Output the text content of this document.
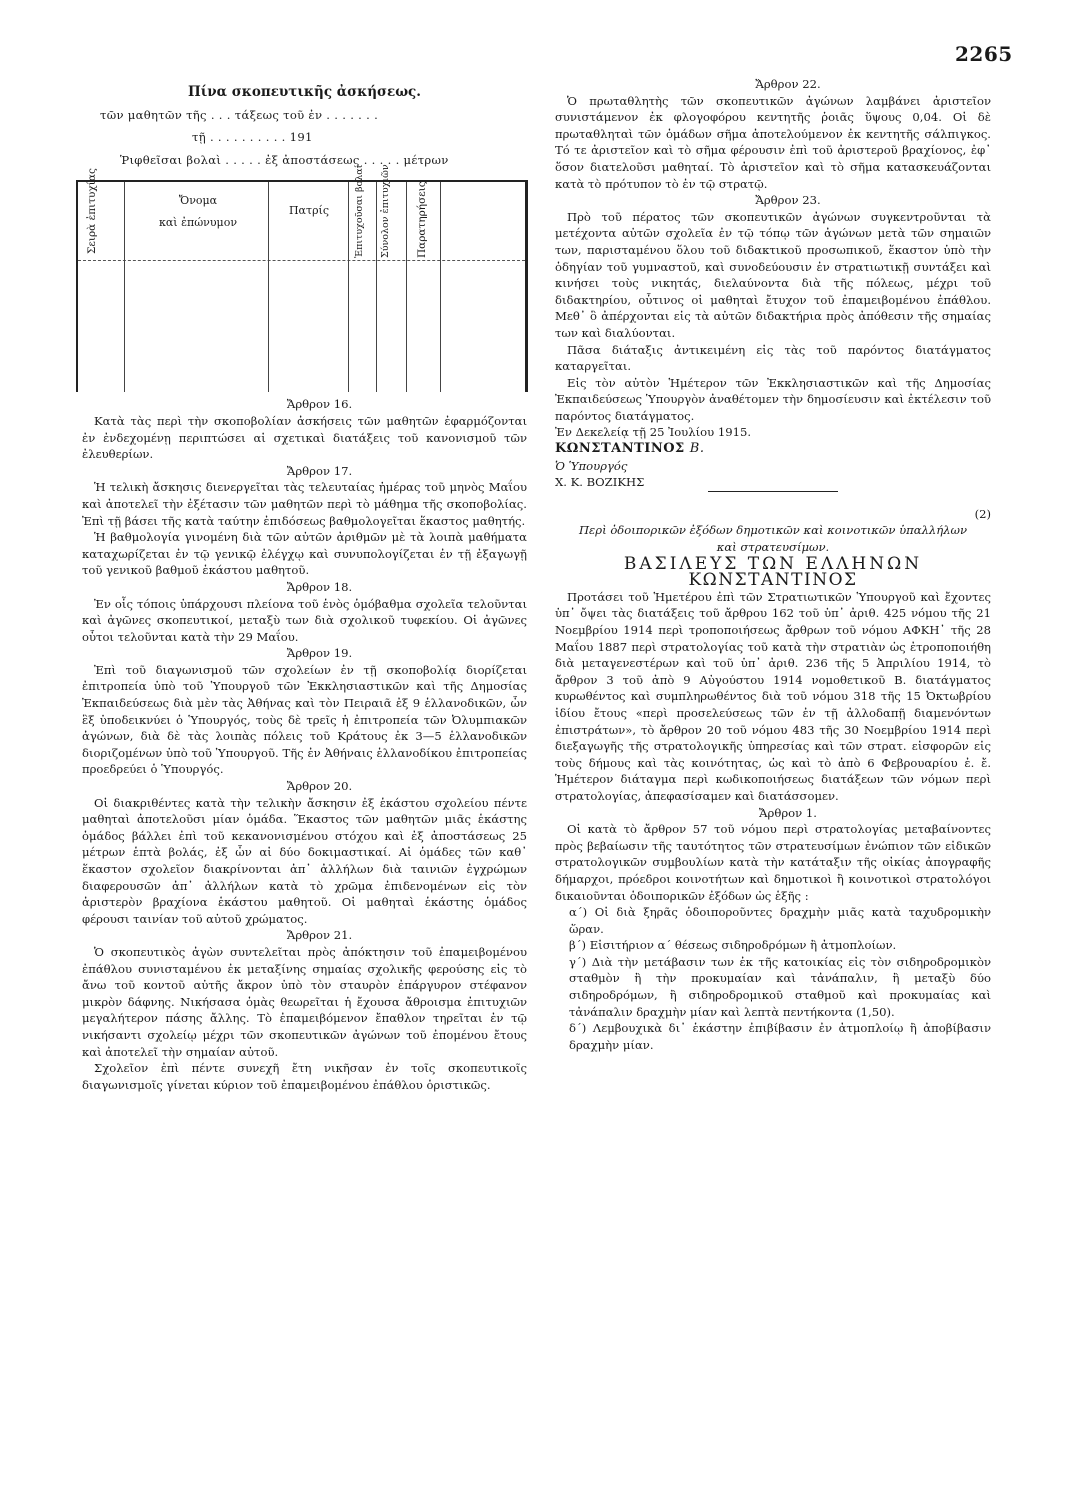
2265
Πίνα σκοπευτικῆς ἀσκήσεως.
τῶν μαθητῶν τῆς . . . τάξεως τοῦ ἐν . . . . . . .
τῇ . . . . . . . . . . 191
Ῥιφθεῖσαι βολαὶ . . . . . ἐξ ἀποστάσεως . . . . . μέτρων
Σειρὰ ἐπιτυχίας	Ὄνομα
καὶ ἐπώνυμον
Πατρίς	Ἐπιτυχοῦσαι βολαί Σύνολον ἐπιτυχιῶν Παρατηρήσεις

Ἄρθρον 16.

Κατὰ τὰς περὶ τὴν σκοποβολίαν ἀσκήσεις τῶν μαθητῶν ἐφαρμόζονται ἐν ἐνδεχομένῃ περιπτώσει αἱ σχετικαὶ διατάξεις τοῦ κανονισμοῦ τῶν ἐλευθερίων.

Ἄρθρον 17.

Ἡ τελικὴ ἄσκησις διενεργεῖται τὰς τελευταίας ἡμέρας τοῦ μηνὸς Μαΐου καὶ ἀποτελεῖ τὴν ἐξέτασιν τῶν μαθητῶν περὶ τὸ μάθημα τῆς σκοποβολίας. Ἐπὶ τῇ βάσει τῆς κατὰ ταύτην ἐπιδόσεως βαθμολογεῖται ἕκαστος μαθητής.

Ἡ βαθμολογία γινομένη διὰ τῶν αὐτῶν ἀριθμῶν μὲ τὰ λοιπὰ μαθήματα καταχωρίζεται ἐν τῷ γενικῷ ἐλέγχῳ καὶ συνυπολογίζεται ἐν τῇ ἐξαγωγῇ τοῦ γενικοῦ βαθμοῦ ἑκάστου μαθητοῦ.

Ἄρθρον 18.

Ἐν οἷς τόποις ὑπάρχουσι πλείονα τοῦ ἑνὸς ὁμόβαθμα σχολεῖα τελοῦνται καὶ ἀγῶνες σκοπευτικοί, μεταξὺ των διὰ σχολικοῦ τυφεκίου. Οἱ ἀγῶνες οὗτοι τελοῦνται κατὰ τὴν 29 Μαΐου.

Ἄρθρον 19.

Ἐπὶ τοῦ διαγωνισμοῦ τῶν σχολείων ἐν τῇ σκοποβολίᾳ διορίζεται ἐπιτροπεία ὑπὸ τοῦ Ὑπουργοῦ τῶν Ἐκκλησιαστικῶν καὶ τῆς Δημοσίας Ἐκπαιδεύσεως διὰ μὲν τὰς Ἀθήνας καὶ τὸν Πειραιᾶ ἐξ 9 ἑλλανοδικῶν, ὧν ἓξ ὑποδεικνύει ὁ Ὑπουργός, τοὺς δὲ τρεῖς ἡ ἐπιτροπεία τῶν Ὀλυμπιακῶν ἀγώνων, διὰ δὲ τὰς λοιπὰς πόλεις τοῦ Κράτους ἐκ 3—5 ἑλλανοδικῶν διοριζομένων ὑπὸ τοῦ Ὑπουργοῦ. Τῆς ἐν Ἀθήναις ἑλλανοδίκου ἐπιτροπείας προεδρεύει ὁ Ὑπουργός.

Ἄρθρον 20.

Οἱ διακριθέντες κατὰ τὴν τελικὴν ἄσκησιν ἐξ ἑκάστου σχολείου πέντε μαθηταὶ ἀποτελοῦσι μίαν ὁμάδα. Ἕκαστος τῶν μαθητῶν μιᾶς ἑκάστης ὁμάδος βάλλει ἐπὶ τοῦ κεκανονισμένου στόχου καὶ ἐξ ἀποστάσεως 25 μέτρων ἑπτὰ βολάς, ἐξ ὧν αἱ δύο δοκιμαστικαί. Αἱ ὁμάδες τῶν καθ᾽ ἕκαστον σχολεῖον διακρίνονται ἀπ᾽ ἀλλήλων διὰ ταινιῶν ἐγχρώμων διαφερουσῶν ἀπ᾽ ἀλλήλων κατὰ τὸ χρῶμα ἐπιδενομένων εἰς τὸν ἀριστερὸν βραχίονα ἑκάστου μαθητοῦ. Οἱ μαθηταὶ ἑκάστης ὁμάδος φέρουσι ταινίαν τοῦ αὐτοῦ χρώματος.

Ἄρθρον 21.

Ὁ σκοπευτικὸς ἀγὼν συντελεῖται πρὸς ἀπόκτησιν τοῦ ἐπαμειβομένου ἐπάθλου συνισταμένου ἐκ μεταξίνης σημαίας σχολικῆς φερούσης εἰς τὸ ἄνω τοῦ κοντοῦ αὐτῆς ἄκρον ὑπὸ τὸν σταυρὸν ἐπάργυρον στέφανον μικρὸν δάφνης. Νικήσασα ὁμὰς θεωρεῖται ἡ ἔχουσα ἄθροισμα ἐπιτυχιῶν μεγαλήτερον πάσης ἄλλης. Τὸ ἐπαμειβόμενον ἔπαθλον τηρεῖται ἐν τῷ νικήσαντι σχολείῳ μέχρι τῶν σκοπευτικῶν ἀγώνων τοῦ ἐπομένου ἔτους καὶ ἀποτελεῖ τὴν σημαίαν αὐτοῦ.

Σχολεῖον ἐπὶ πέντε συνεχῆ ἔτη νικῆσαν ἐν τοῖς σκοπευτικοῖς διαγωνισμοῖς γίνεται κύριον τοῦ ἐπαμειβομένου ἐπάθλου ὁριστικῶς.

Ἄρθρον 22.

Ὁ πρωταθλητὴς τῶν σκοπευτικῶν ἀγώνων λαμβάνει ἀριστεῖον συνιστάμενον ἐκ φλογοφόρου κεντητῆς ῥοιᾶς ὕψους 0,04. Οἱ δὲ πρωταθληταὶ τῶν ὁμάδων σῆμα ἀποτελούμενον ἐκ κεντητῆς σάλπιγκος. Τό τε ἀριστεῖον καὶ τὸ σῆμα φέρουσιν ἐπὶ τοῦ ἀριστεροῦ βραχίονος, ἐφ᾽ ὅσον διατελοῦσι μαθηταί. Τὸ ἀριστεῖον καὶ τὸ σῆμα κατασκευάζονται κατὰ τὸ πρότυπον τὸ ἐν τῷ στρατῷ.

Ἄρθρον 23.

Πρὸ τοῦ πέρατος τῶν σκοπευτικῶν ἀγώνων συγκεντροῦνται τὰ μετέχοντα αὐτῶν σχολεῖα ἐν τῷ τόπῳ τῶν ἀγώνων μετὰ τῶν σημαιῶν των, παρισταμένου ὅλου τοῦ διδακτικοῦ προσωπικοῦ, ἕκαστον ὑπὸ τὴν ὁδηγίαν τοῦ γυμναστοῦ, καὶ συνοδεύουσιν ἐν στρατιωτικῇ συντάξει καὶ κινήσει τοὺς νικητάς, διελαύνοντα διὰ τῆς πόλεως, μέχρι τοῦ διδακτηρίου, οὗτινος οἱ μαθηταὶ ἔτυχον τοῦ ἐπαμειβομένου ἐπάθλου. Μεθ᾽ ὃ ἀπέρχονται εἰς τὰ αὐτῶν διδακτήρια πρὸς ἀπόθεσιν τῆς σημαίας των καὶ διαλύονται.

Πᾶσα διάταξις ἀντικειμένη εἰς τὰς τοῦ παρόντος διατάγματος καταργεῖται.

Εἰς τὸν αὐτὸν Ἡμέτερον τῶν Ἐκκλησιαστικῶν καὶ τῆς Δημοσίας Ἐκπαιδεύσεως Ὑπουργὸν ἀναθέτομεν τὴν δημοσίευσιν καὶ ἐκτέλεσιν τοῦ παρόντος διατάγματος.

Ἐν Δεκελείᾳ τῇ 25 Ἰουλίου 1915.

ΚΩΝΣΤΑΝΤΙΝΟΣ Β.

Ὁ Ὑπουργός

Χ. Κ. ΒΟΖΙΚΗΣ

(2)

Περὶ ὁδοιπορικῶν ἐξόδων δημοτικῶν καὶ κοινοτικῶν ὑπαλλήλων καὶ στρατευσίμων.

ΒΑΣΙΛΕΥΣ ΤΩΝ ΕΛΛΗΝΩΝ

ΚΩΝΣΤΑΝΤΙΝΟΣ

Προτάσει τοῦ Ἡμετέρου ἐπὶ τῶν Στρατιωτικῶν Ὑπουργοῦ καὶ ἔχοντες ὑπ᾽ ὄψει τὰς διατάξεις τοῦ ἄρθρου 162 τοῦ ὑπ᾽ ἀριθ. 425 νόμου τῆς 21 Νοεμβρίου 1914 περὶ τροποποιήσεως ἄρθρων τοῦ νόμου ΑΦΚΗ᾽ τῆς 28 Μαΐου 1887 περὶ στρατολογίας τοῦ κατὰ τὴν στρατιὰν ὡς ἐτροποποιήθη διὰ μεταγενεστέρων καὶ τοῦ ὑπ᾽ ἀριθ. 236 τῆς 5 Ἀπριλίου 1914, τὸ ἄρθρον 3 τοῦ ἀπὸ 9 Αὐγούστου 1914 νομοθετικοῦ Β. διατάγματος κυρωθέντος καὶ συμπληρωθέντος διὰ τοῦ νόμου 318 τῆς 15 Ὀκτωβρίου ἰδίου ἔτους «περὶ προσελεύσεως τῶν ἐν τῇ ἀλλοδαπῇ διαμενόντων ἐπιστράτων», τὸ ἄρθρον 20 τοῦ νόμου 483 τῆς 30 Νοεμβρίου 1914 περὶ διεξαγωγῆς τῆς στρατολογικῆς ὑπηρεσίας καὶ τῶν στρατ. εἰσφορῶν εἰς τοὺς δήμους καὶ τὰς κοινότητας, ὡς καὶ τὸ ἀπὸ 6 Φεβρουαρίου ἐ. ἔ. Ἡμέτερον διάταγμα περὶ κωδικοποιήσεως διατάξεων τῶν νόμων περὶ στρατολογίας, ἀπεφασίσαμεν καὶ διατάσσομεν.

Ἄρθρον 1.

Οἱ κατὰ τὸ ἄρθρον 57 τοῦ νόμου περὶ στρατολογίας μεταβαίνοντες πρὸς βεβαίωσιν τῆς ταυτότητος τῶν στρατευσίμων ἐνώπιον τῶν εἰδικῶν στρατολογικῶν συμβουλίων κατὰ τὴν κατάταξιν τῆς οἰκίας ἀπογραφῆς δήμαρχοι, πρόεδροι κοινοτήτων καὶ δημοτικοὶ ἢ κοινοτικοὶ στρατολόγοι δικαιοῦνται ὁδοιπορικῶν ἐξόδων ὡς ἑξῆς :

α΄) Οἱ διὰ ξηρᾶς ὁδοιποροῦντες δραχμὴν μιᾶς κατὰ ταχυδρομικὴν ὥραν.

β΄) Εἰσιτήριον α΄ θέσεως σιδηροδρόμων ἢ ἀτμοπλοίων.

γ΄) Διὰ τὴν μετάβασιν των ἐκ τῆς κατοικίας εἰς τὸν σιδηροδρομικὸν σταθμὸν ἢ τὴν προκυμαίαν καὶ τἀνάπαλιν, ἢ μεταξὺ δύο σιδηροδρόμων, ἢ σιδηροδρομικοῦ σταθμοῦ καὶ προκυμαίας καὶ τἀνάπαλιν δραχμὴν μίαν καὶ λεπτὰ πεντήκοντα (1,50).

δ΄) Λεμβουχικὰ δι᾽ ἑκάστην ἐπιβίβασιν ἐν ἀτμοπλοίῳ ἢ ἀποβίβασιν δραχμὴν μίαν.
